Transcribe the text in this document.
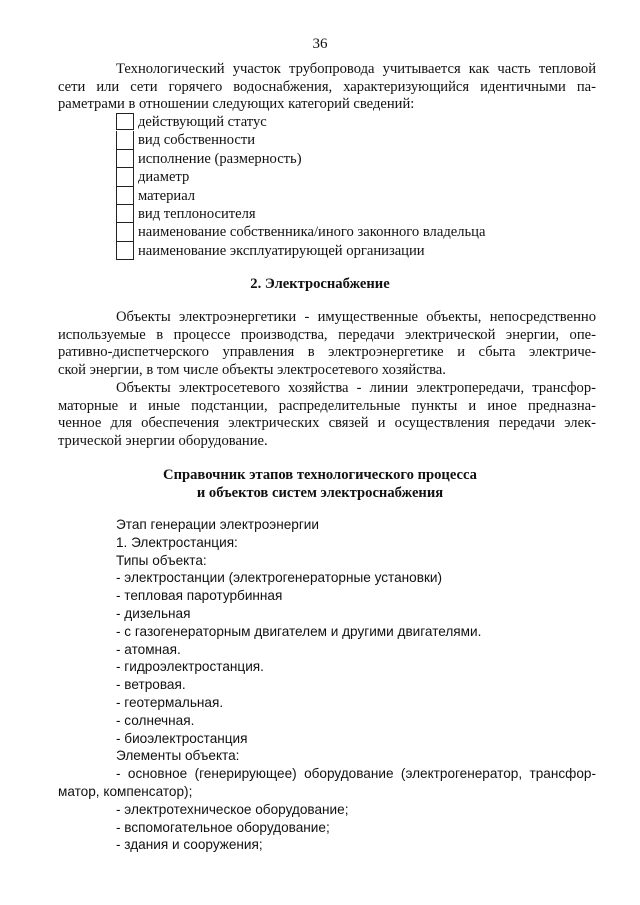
36
Технологический участок трубопровода учитывается как часть тепловой
сети или сети горячего водоснабжения, характеризующийся идентичными па-
раметрами в отношении следующих категорий сведений:
действующий статус
вид собственности
исполнение (размерность)
диаметр
материал
вид теплоносителя
наименование собственника/иного законного владельца
наименование эксплуатирующей организации
2. Электроснабжение
Объекты электроэнергетики - имущественные объекты, непосредственно
используемые в процессе производства, передачи электрической энергии, опе-
ративно-диспетчерского управления в электроэнергетике и сбыта электриче-
ской энергии, в том числе объекты электросетевого хозяйства.
Объекты электросетевого хозяйства - линии электропередачи, трансфор-
маторные и иные подстанции, распределительные пункты и иное предназна-
ченное для обеспечения электрических связей и осуществления передачи элек-
трической энергии оборудование.
Справочник этапов технологического процесса
и объектов систем электроснабжения
Этап генерации электроэнергии
1. Электростанция:
Типы объекта:
- электростанции (электрогенераторные установки)
- тепловая паротурбинная
- дизельная
- с газогенераторным двигателем и другими двигателями.
- атомная.
- гидроэлектростанция.
- ветровая.
- геотермальная.
- солнечная.
- биоэлектростанция
Элементы объекта:
- основное (генерирующее) оборудование (электрогенератор, трансфор-
матор, компенсатор);
- электротехническое оборудование;
- вспомогательное оборудование;
- здания и сооружения;
